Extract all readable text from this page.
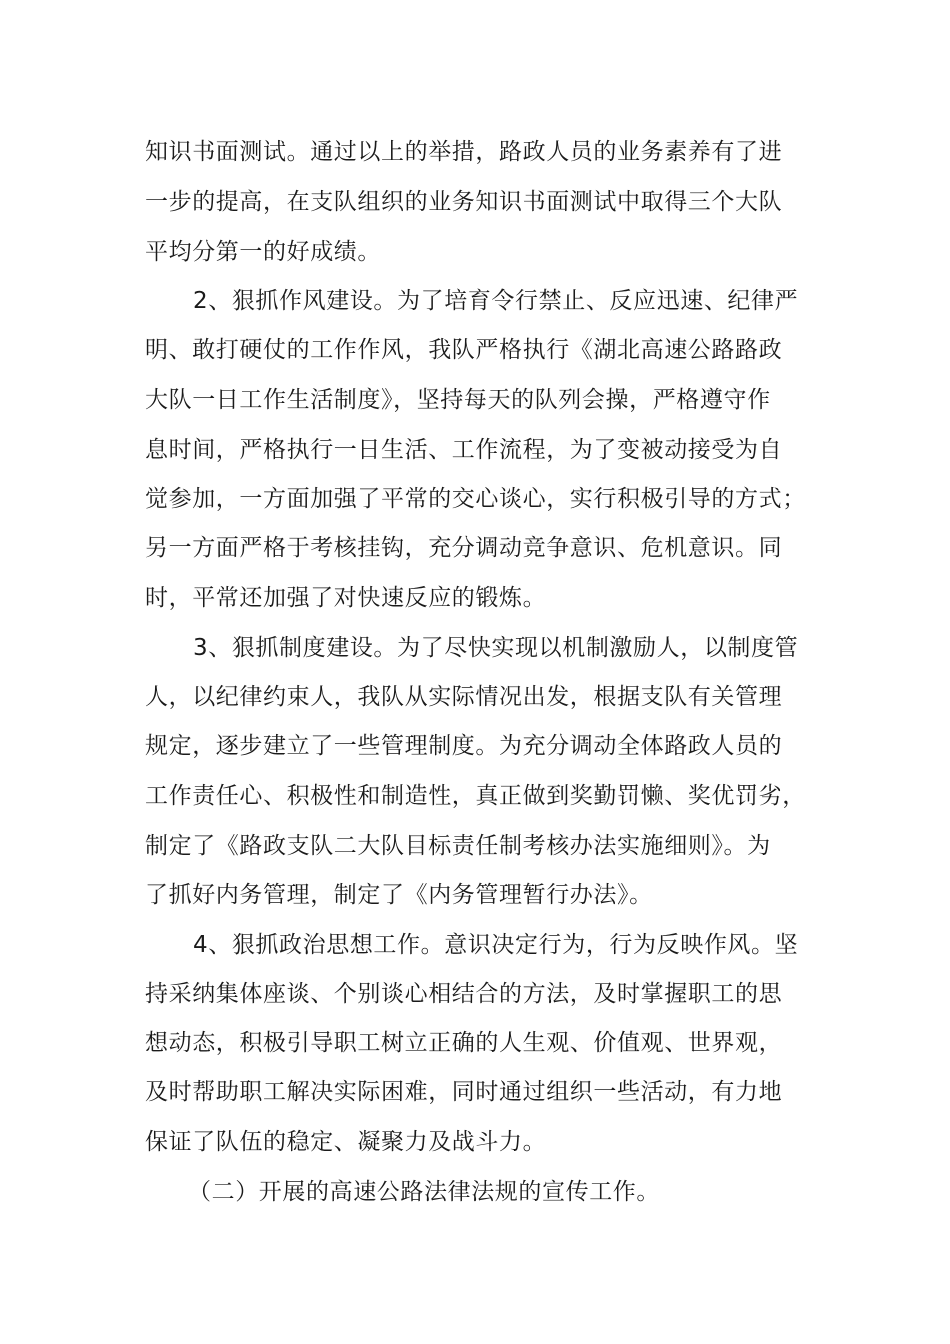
知识书面测试。通过以上的举措，路政人员的业务素养有了进

一步的提高，在支队组织的业务知识书面测试中取得三个大队

平均分第一的好成绩。

2、狠抓作风建设。为了培育令行禁止、反应迅速、纪律严

明、敢打硬仗的工作作风，我队严格执行《湖北高速公路路政

大队一日工作生活制度》，坚持每天的队列会操，严格遵守作

息时间，严格执行一日生活、工作流程，为了变被动接受为自

觉参加，一方面加强了平常的交心谈心，实行积极引导的方式；

另一方面严格于考核挂钩，充分调动竞争意识、危机意识。同

时，平常还加强了对快速反应的锻炼。

3、狠抓制度建设。为了尽快实现以机制激励人，以制度管

人，以纪律约束人，我队从实际情况出发，根据支队有关管理

规定，逐步建立了一些管理制度。为充分调动全体路政人员的

工作责任心、积极性和制造性，真正做到奖勤罚懒、奖优罚劣，

制定了《路政支队二大队目标责任制考核办法实施细则》。为

了抓好内务管理，制定了《内务管理暂行办法》。

4、狠抓政治思想工作。意识决定行为，行为反映作风。坚

持采纳集体座谈、个别谈心相结合的方法，及时掌握职工的思

想动态，积极引导职工树立正确的人生观、价值观、世界观，

及时帮助职工解决实际困难，同时通过组织一些活动，有力地

保证了队伍的稳定、凝聚力及战斗力。

（二）开展的高速公路法律法规的宣传工作。
